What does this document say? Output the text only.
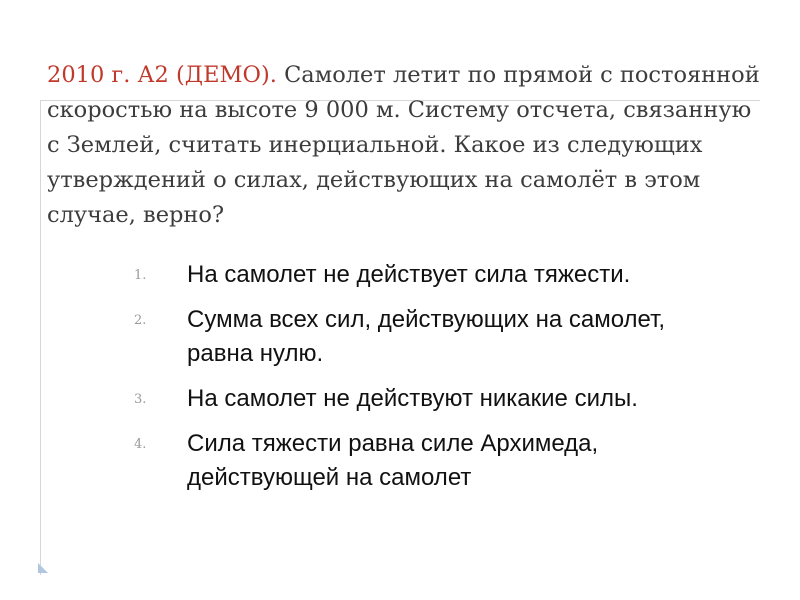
2010 г. А2 (ДЕМО). Самолет летит по прямой с постоянной скоростью на высоте 9 000 м. Систему отсчета, связанную с Землей, считать инерциальной. Какое из следующих утверждений о силах, действующих на самолёт в этом случае, верно?

1.	На самолет не действует сила тяжести.
2.	Сумма всех сил, действующих на самолет, равна нулю.
3.	На самолет не действуют никакие силы.
4.	Сила тяжести равна силе Архимеда, действующей на самолет
